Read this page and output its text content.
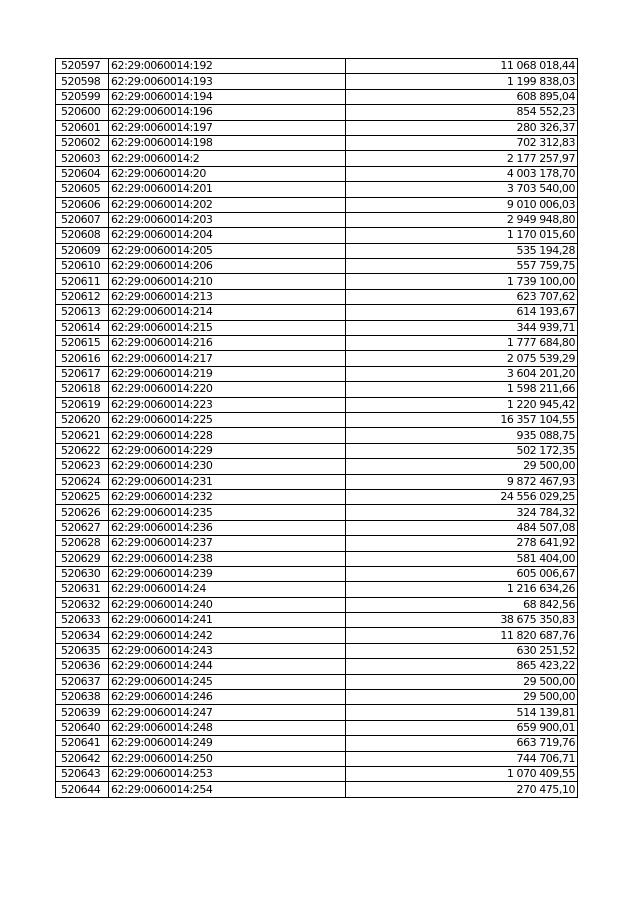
520597	62:29:0060014:192	11 068 018,44
520598	62:29:0060014:193	1 199 838,03
520599	62:29:0060014:194	608 895,04
520600	62:29:0060014:196	854 552,23
520601	62:29:0060014:197	280 326,37
520602	62:29:0060014:198	702 312,83
520603	62:29:0060014:2	2 177 257,97
520604	62:29:0060014:20	4 003 178,70
520605	62:29:0060014:201	3 703 540,00
520606	62:29:0060014:202	9 010 006,03
520607	62:29:0060014:203	2 949 948,80
520608	62:29:0060014:204	1 170 015,60
520609	62:29:0060014:205	535 194,28
520610	62:29:0060014:206	557 759,75
520611	62:29:0060014:210	1 739 100,00
520612	62:29:0060014:213	623 707,62
520613	62:29:0060014:214	614 193,67
520614	62:29:0060014:215	344 939,71
520615	62:29:0060014:216	1 777 684,80
520616	62:29:0060014:217	2 075 539,29
520617	62:29:0060014:219	3 604 201,20
520618	62:29:0060014:220	1 598 211,66
520619	62:29:0060014:223	1 220 945,42
520620	62:29:0060014:225	16 357 104,55
520621	62:29:0060014:228	935 088,75
520622	62:29:0060014:229	502 172,35
520623	62:29:0060014:230	29 500,00
520624	62:29:0060014:231	9 872 467,93
520625	62:29:0060014:232	24 556 029,25
520626	62:29:0060014:235	324 784,32
520627	62:29:0060014:236	484 507,08
520628	62:29:0060014:237	278 641,92
520629	62:29:0060014:238	581 404,00
520630	62:29:0060014:239	605 006,67
520631	62:29:0060014:24	1 216 634,26
520632	62:29:0060014:240	68 842,56
520633	62:29:0060014:241	38 675 350,83
520634	62:29:0060014:242	11 820 687,76
520635	62:29:0060014:243	630 251,52
520636	62:29:0060014:244	865 423,22
520637	62:29:0060014:245	29 500,00
520638	62:29:0060014:246	29 500,00
520639	62:29:0060014:247	514 139,81
520640	62:29:0060014:248	659 900,01
520641	62:29:0060014:249	663 719,76
520642	62:29:0060014:250	744 706,71
520643	62:29:0060014:253	1 070 409,55
520644	62:29:0060014:254	270 475,10
